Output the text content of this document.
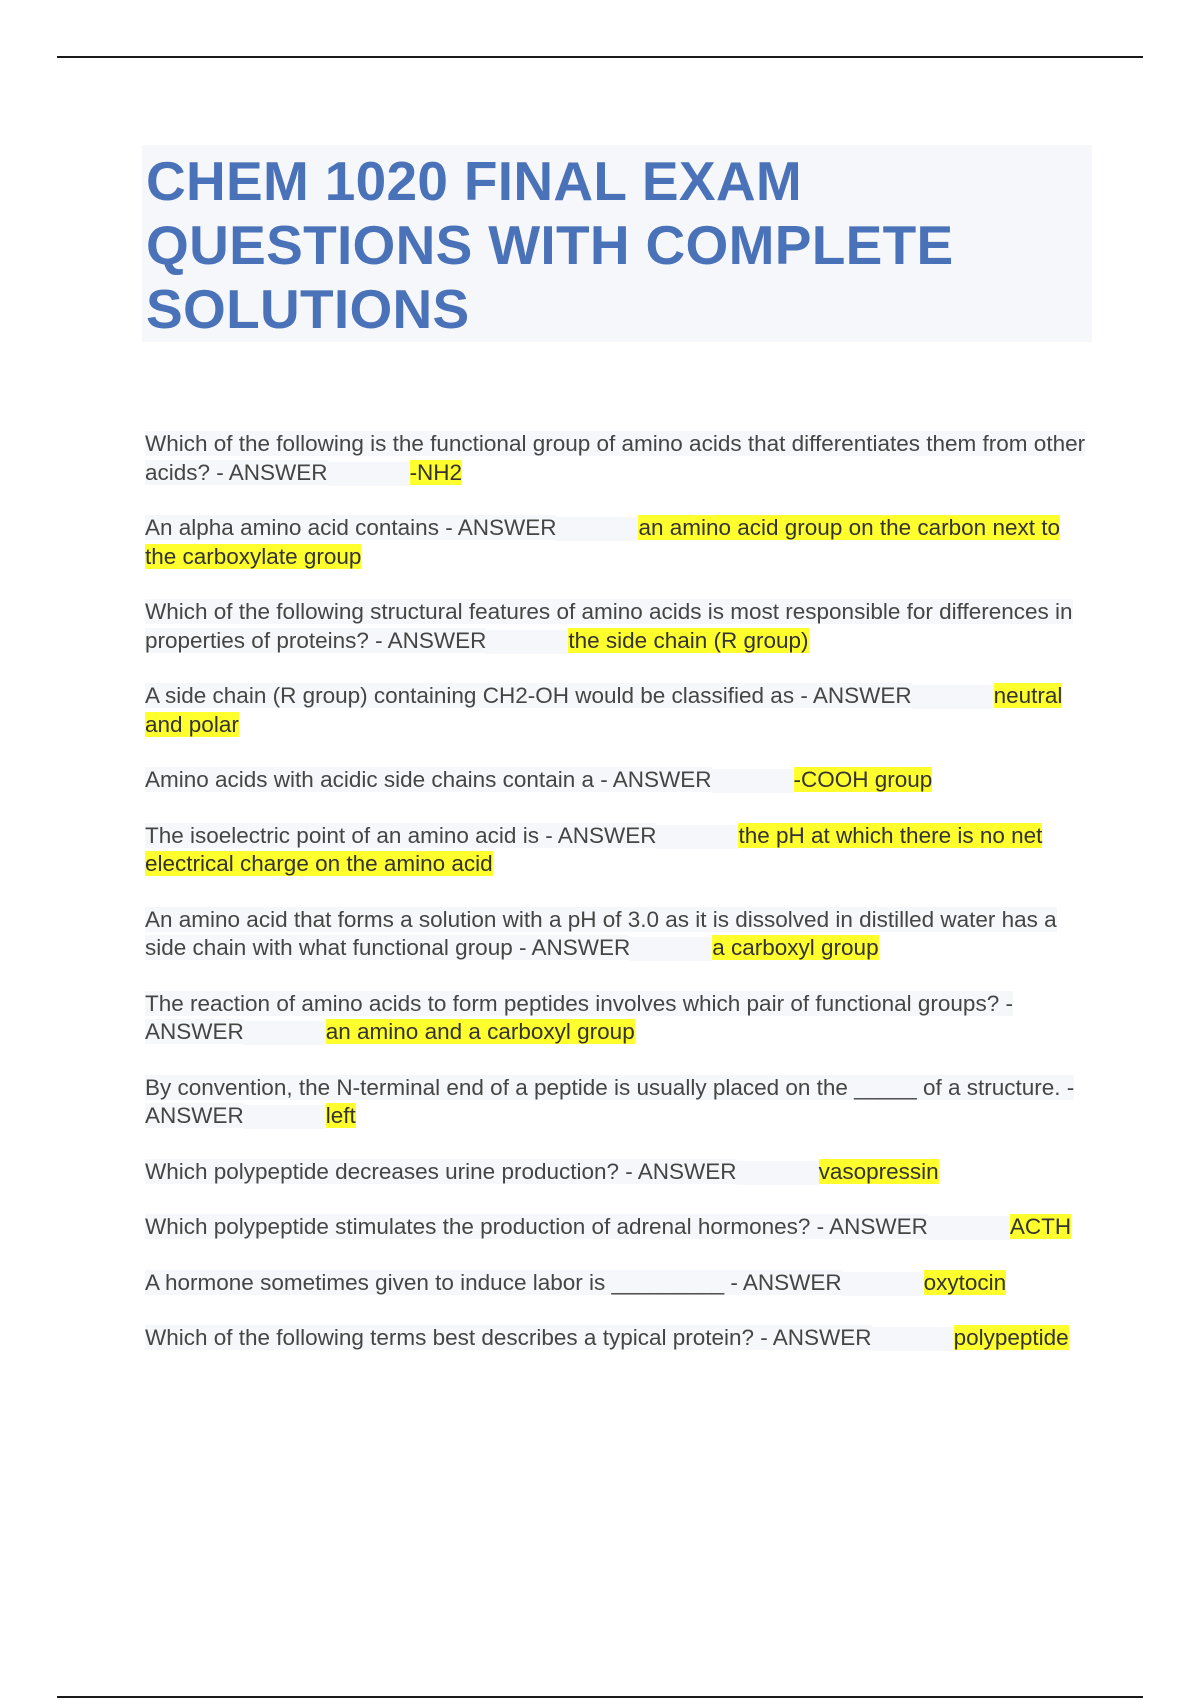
CHEM 1020 FINAL EXAM QUESTIONS WITH COMPLETE SOLUTIONS

Which of the following is the functional group of amino acids that differentiates them from other acids? - ANSWER	-NH2

An alpha amino acid contains - ANSWER	an amino acid group on the carbon next to the carboxylate group

Which of the following structural features of amino acids is most responsible for differences in properties of proteins? - ANSWER	the side chain (R group)

A side chain (R group) containing CH2-OH would be classified as - ANSWER	neutral and polar

Amino acids with acidic side chains contain a - ANSWER	-COOH group

The isoelectric point of an amino acid is - ANSWER	the pH at which there is no net electrical charge on the amino acid

An amino acid that forms a solution with a pH of 3.0 as it is dissolved in distilled water has a side chain with what functional group - ANSWER	a carboxyl group

The reaction of amino acids to form peptides involves which pair of functional groups? - ANSWER	an amino and a carboxyl group

By convention, the N-terminal end of a peptide is usually placed on the _____ of a structure. - ANSWER	left

Which polypeptide decreases urine production? - ANSWER	vasopressin

Which polypeptide stimulates the production of adrenal hormones? - ANSWER	ACTH

A hormone sometimes given to induce labor is _________ - ANSWER	oxytocin

Which of the following terms best describes a typical protein? - ANSWER	polypeptide
